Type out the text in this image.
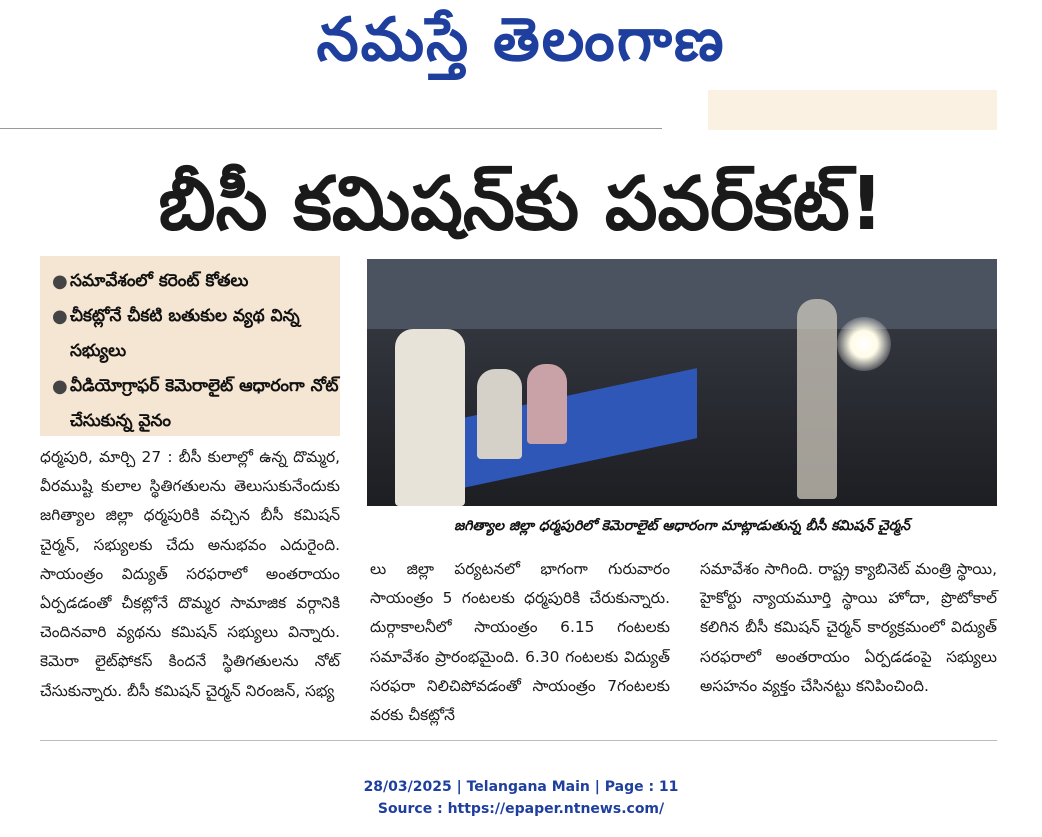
నమస్తే తెలంగాణ
బీసీ కమిషన్‌కు పవర్‌కట్‌!
● సమావేశంలో కరెంట్‌ కోతలు
● చీకట్లోనే చీకటి బతుకుల వ్యథ విన్న సభ్యులు
● వీడియోగ్రాఫర్‌ కెమెరాలైట్‌ ఆధారంగా నోట్‌ చేసుకున్న వైనం
జగిత్యాల జిల్లా ధర్మపురిలో కెమెరాలైట్‌ ఆధారంగా మాట్లాడుతున్న బీసీ కమిషన్‌ చైర్మన్‌
ధర్మపురి, మార్చి 27 : బీసీ కులాల్లో ఉన్న దొమ్మర, వీరముష్టి కులాల స్థితిగతులను తెలుసుకునేందుకు జగిత్యాల జిల్లా ధర్మపురికి వచ్చిన బీసీ కమిషన్‌ చైర్మన్‌, సభ్యులకు చేదు అనుభవం ఎదురైంది. సాయంత్రం విద్యుత్‌ సరఫరాలో అంతరాయం ఏర్పడడంతో చీకట్లోనే దొమ్మర సామాజిక వర్గానికి చెందినవారి వ్యథను కమిషన్‌ సభ్యులు విన్నారు. కెమెరా లైట్‌ఫోకస్‌ కిందనే స్థితిగతులను నోట్‌ చేసుకున్నారు. బీసీ కమిషన్‌ చైర్మన్‌ నిరంజన్‌, సభ్య
లు జిల్లా పర్యటనలో భాగంగా గురువారం సాయంత్రం 5 గంటలకు ధర్మపురికి చేరుకున్నారు. దుర్గాకాలనీలో సాయంత్రం 6.15 గంటలకు సమావేశం ప్రారంభమైంది. 6.30 గంటలకు విద్యుత్‌ సరఫరా నిలిచిపోవడంతో సాయంత్రం 7గంటలకు వరకు చీకట్లోనే
సమావేశం సాగింది. రాష్ట్ర క్యాబినెట్‌ మంత్రి స్థాయి, హైకోర్టు న్యాయమూర్తి స్థాయి హోదా, ప్రొటోకాల్‌ కలిగిన బీసీ కమిషన్‌ చైర్మన్‌ కార్యక్రమంలో విద్యుత్‌ సరఫరాలో అంతరాయం ఏర్పడడంపై సభ్యులు అసహనం వ్యక్తం చేసినట్టు కనిపించింది.
28/03/2025 | Telangana Main | Page : 11
Source : https://epaper.ntnews.com/
